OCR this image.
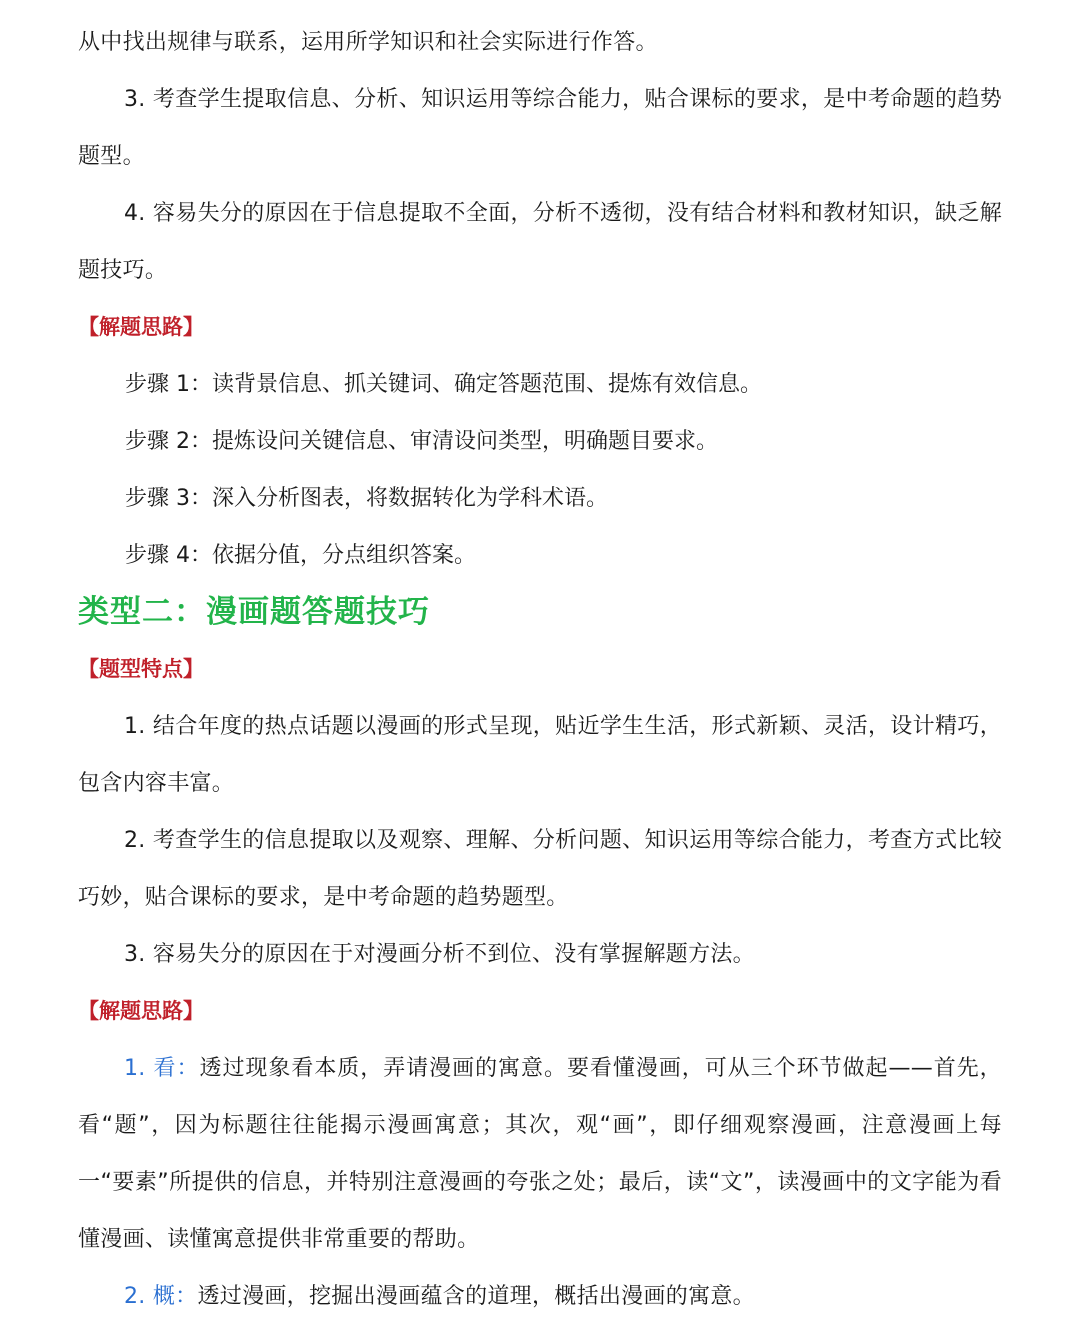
从中找出规律与联系，运用所学知识和社会实际进行作答。

3. 考查学生提取信息、分析、知识运用等综合能力，贴合课标的要求，是中考命题的趋势题型。

4. 容易失分的原因在于信息提取不全面，分析不透彻，没有结合材料和教材知识，缺乏解题技巧。

【解题思路】

步骤 1：读背景信息、抓关键词、确定答题范围、提炼有效信息。

步骤 2：提炼设问关键信息、审清设问类型，明确题目要求。

步骤 3：深入分析图表，将数据转化为学科术语。

步骤 4：依据分值，分点组织答案。

类型二：漫画题答题技巧

【题型特点】

1. 结合年度的热点话题以漫画的形式呈现，贴近学生生活，形式新颖、灵活，设计精巧，包含内容丰富。

2. 考查学生的信息提取以及观察、理解、分析问题、知识运用等综合能力，考查方式比较巧妙，贴合课标的要求，是中考命题的趋势题型。

3. 容易失分的原因在于对漫画分析不到位、没有掌握解题方法。

【解题思路】

1. 看：透过现象看本质，弄请漫画的寓意。要看懂漫画，可从三个环节做起——首先，看“题”，因为标题往往能揭示漫画寓意；其次，观“画”，即仔细观察漫画，注意漫画上每一“要素”所提供的信息，并特别注意漫画的夸张之处；最后，读“文”，读漫画中的文字能为看懂漫画、读懂寓意提供非常重要的帮助。

2. 概：透过漫画，挖掘出漫画蕴含的道理，概括出漫画的寓意。
